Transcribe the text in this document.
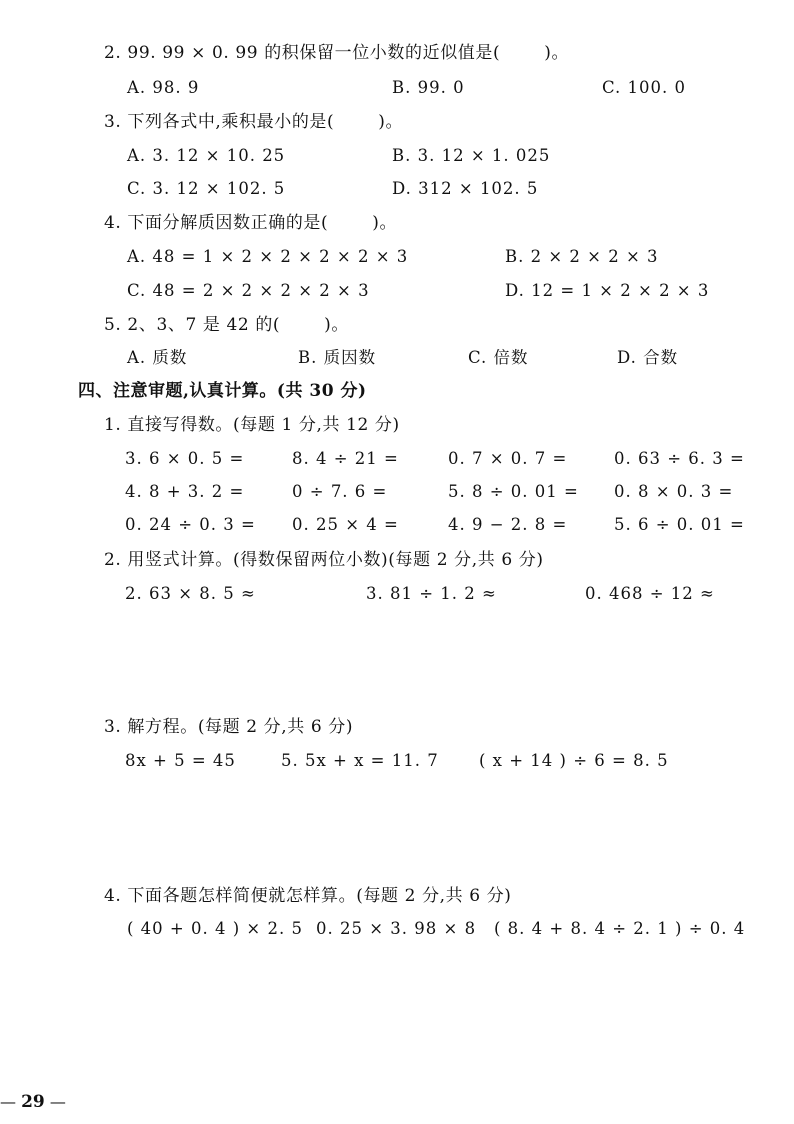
2. 99. 99 × 0. 99 的积保留一位小数的近似值是(	)。
A. 98. 9	B. 99. 0	C. 100. 0
3. 下列各式中,乘积最小的是(	)。
A. 3. 12 × 10. 25	B. 3. 12 × 1. 025
C. 3. 12 × 102. 5	D. 312 × 102. 5
4. 下面分解质因数正确的是(	)。
A. 48 = 1 × 2 × 2 × 2 × 2 × 3	B. 2 × 2 × 2 × 3
C. 48 = 2 × 2 × 2 × 2 × 3	D. 12 = 1 × 2 × 2 × 3
5. 2、3、7 是 42 的(	)。
A. 质数	B. 质因数	C. 倍数	D. 合数
四、注意审题,认真计算。(共 30 分)
1. 直接写得数。(每题 1 分,共 12 分)
3. 6 × 0. 5 =	8. 4 ÷ 21 =	0. 7 × 0. 7 =	0. 63 ÷ 6. 3 =
4. 8 + 3. 2 =	0 ÷ 7. 6 =	5. 8 ÷ 0. 01 = 0. 8 × 0. 3 =
0. 24 ÷ 0. 3 = 0. 25 × 4 =	4. 9 − 2. 8 =	5. 6 ÷ 0. 01 =
2. 用竖式计算。(得数保留两位小数)(每题 2 分,共 6 分)
2. 63 × 8. 5 ≈	3. 81 ÷ 1. 2 ≈	0. 468 ÷ 12 ≈
3. 解方程。(每题 2 分,共 6 分)
8x + 5 = 45	5. 5x + x = 11. 7 ( x + 14 ) ÷ 6 = 8. 5
4. 下面各题怎样简便就怎样算。(每题 2 分,共 6 分)
( 40 + 0. 4 ) × 2. 5 0. 25 × 3. 98 × 8 ( 8. 4 + 8. 4 ÷ 2. 1 ) ÷ 0. 4
— 29 —
